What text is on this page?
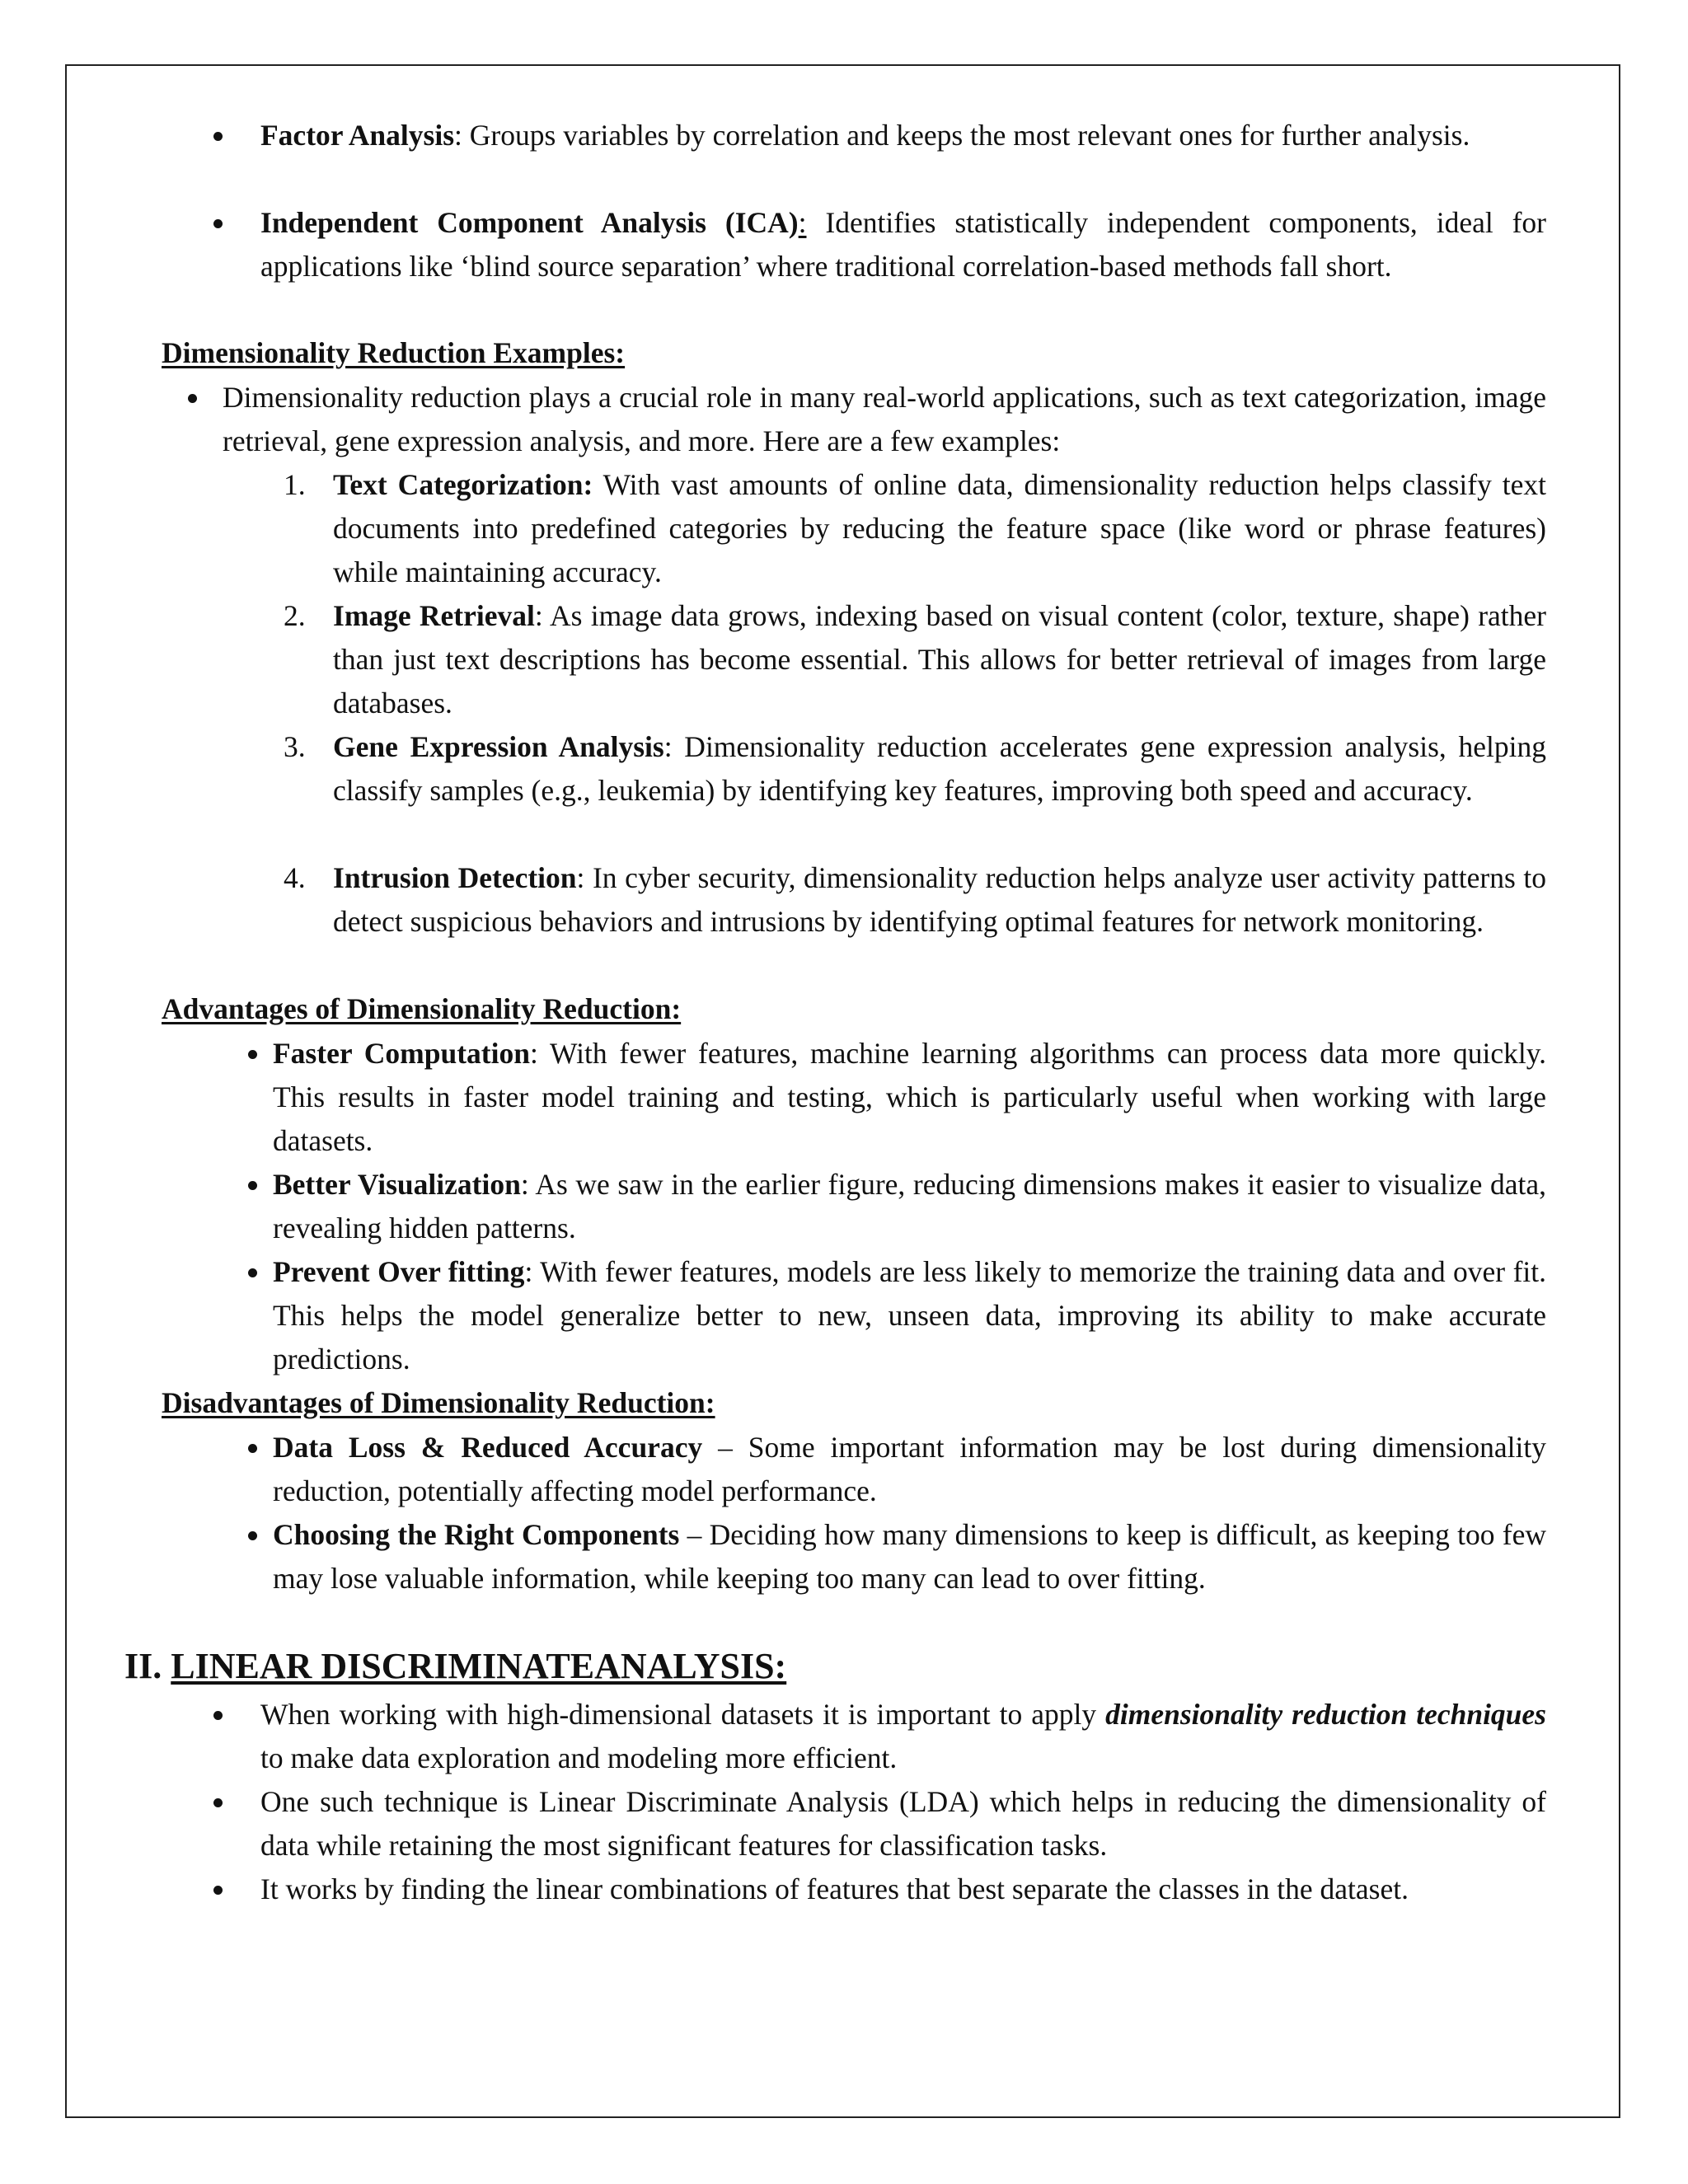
Factor Analysis: Groups variables by correlation and keeps the most relevant ones for further analysis.
Independent Component Analysis (ICA): Identifies statistically independent components, ideal for applications like ‘blind source separation’ where traditional correlation-based methods fall short.
Dimensionality Reduction Examples:
Dimensionality reduction plays a crucial role in many real-world applications, such as text categorization, image retrieval, gene expression analysis, and more. Here are a few examples:
1. Text Categorization: With vast amounts of online data, dimensionality reduction helps classify text documents into predefined categories by reducing the feature space (like word or phrase features) while maintaining accuracy.
2. Image Retrieval: As image data grows, indexing based on visual content (color, texture, shape) rather than just text descriptions has become essential. This allows for better retrieval of images from large databases.
3. Gene Expression Analysis: Dimensionality reduction accelerates gene expression analysis, helping classify samples (e.g., leukemia) by identifying key features, improving both speed and accuracy.
4. Intrusion Detection: In cyber security, dimensionality reduction helps analyze user activity patterns to detect suspicious behaviors and intrusions by identifying optimal features for network monitoring.
Advantages of Dimensionality Reduction:
Faster Computation: With fewer features, machine learning algorithms can process data more quickly. This results in faster model training and testing, which is particularly useful when working with large datasets.
Better Visualization: As we saw in the earlier figure, reducing dimensions makes it easier to visualize data, revealing hidden patterns.
Prevent Over fitting: With fewer features, models are less likely to memorize the training data and over fit. This helps the model generalize better to new, unseen data, improving its ability to make accurate predictions.
Disadvantages of Dimensionality Reduction:
Data Loss & Reduced Accuracy – Some important information may be lost during dimensionality reduction, potentially affecting model performance.
Choosing the Right Components – Deciding how many dimensions to keep is difficult, as keeping too few may lose valuable information, while keeping too many can lead to over fitting.
II. LINEAR DISCRIMINATEANALYSIS:
When working with high-dimensional datasets it is important to apply dimensionality reduction techniques to make data exploration and modeling more efficient.
One such technique is Linear Discriminate Analysis (LDA) which helps in reducing the dimensionality of data while retaining the most significant features for classification tasks.
It works by finding the linear combinations of features that best separate the classes in the dataset.
